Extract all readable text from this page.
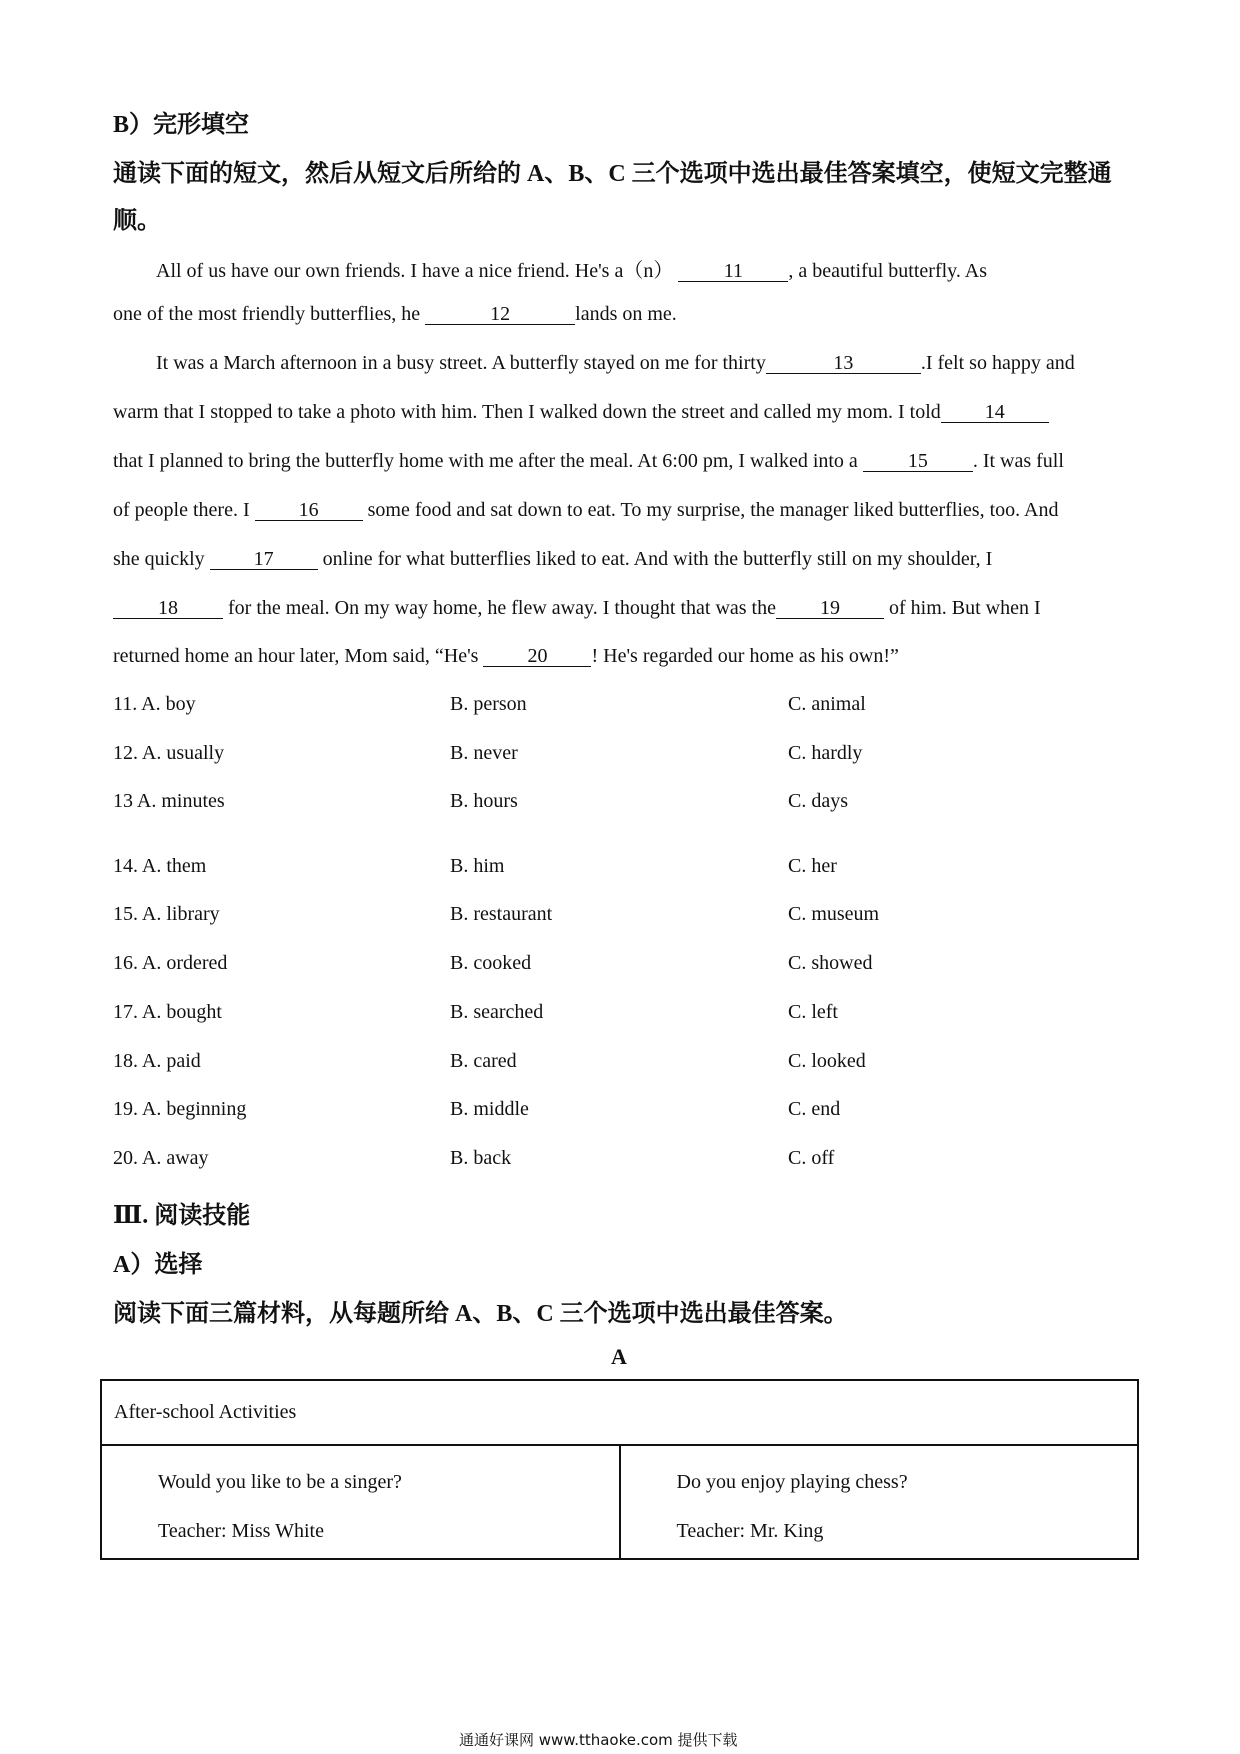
B）完形填空
通读下面的短文，然后从短文后所给的 A、B、C 三个选项中选出最佳答案填空，使短文完整通
顺。
All of us have our own friends. I have a nice friend. He's a（n）	11 , a beautiful butterfly. As
one of the most friendly butterflies, he	12	lands on me.
It was a March afternoon in a busy street. A butterfly stayed on me for thirty	13	.I felt so happy and
warm that I stopped to take a photo with him. Then I walked down the street and called my mom. I told 14
that I planned to bring the butterfly home with me after the meal. At 6:00 pm, I walked into a	15 . It was full
of people there. I 16 some food and sat down to eat. To my surprise, the manager liked butterflies, too. And
she quickly 17 online for what butterflies liked to eat. And with the butterfly still on my shoulder, I
18	for the meal. On my way home, he flew away. I thought that was the 19 of him. But when I
returned home an hour later, Mom said, “He's 20 ! He's regarded our home as his own!”
11. A. boy	B. person	C. animal
12. A. usually	B. never	C. hardly
13 A. minutes	B. hours	C. days
14. A. them	B. him	C. her
15. A. library	B. restaurant	C. museum
16. A. ordered	B. cooked	C. showed
17. A. bought	B. searched	C. left
18. A. paid	B. cared	C. looked
19. A. beginning	B. middle	C. end
20. A. away	B. back	C. off
Ⅲ. 阅读技能
A）选择
阅读下面三篇材料，从每题所给 A、B、C 三个选项中选出最佳答案。
A
After-school Activities

Would you like to be a singer?
Teacher: Miss White

Do you enjoy playing chess?
Teacher: Mr. King
通通好课网 www.tthaoke.com 提供下载
